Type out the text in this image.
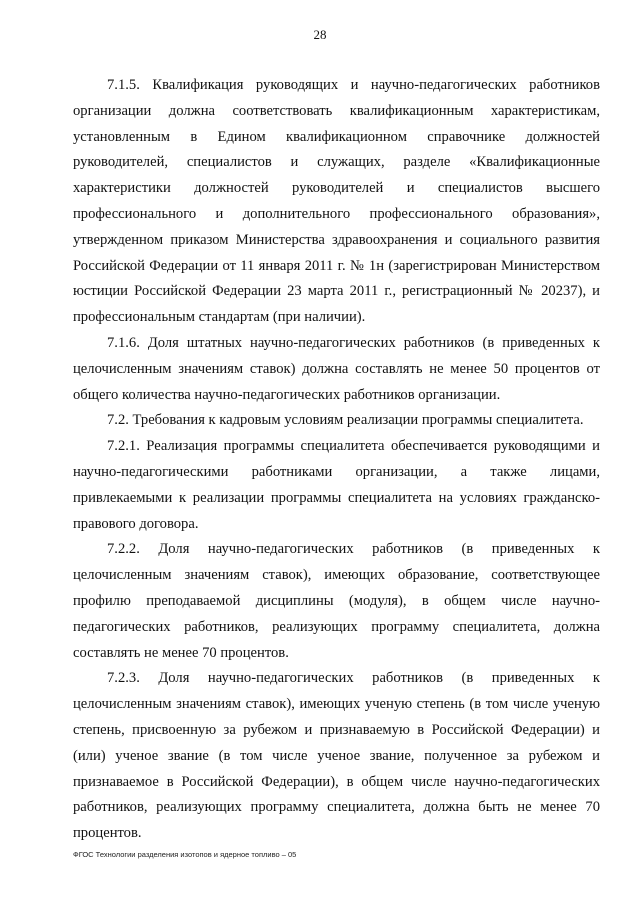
28

7.1.5. Квалификация руководящих и научно-педагогических работников организации должна соответствовать квалификационным характеристикам, установленным в Едином квалификационном справочнике должностей руководителей, специалистов и служащих, разделе «Квалификационные характеристики должностей руководителей и специалистов высшего профессионального и дополнительного профессионального образования», утвержденном приказом Министерства здравоохранения и социального развития Российской Федерации от 11 января 2011 г. № 1н (зарегистрирован Министерством юстиции Российской Федерации 23 марта 2011 г., регистрационный № 20237), и профессиональным стандартам (при наличии).

7.1.6. Доля штатных научно-педагогических работников (в приведенных к целочисленным значениям ставок) должна составлять не менее 50 процентов от общего количества научно-педагогических работников организации.

7.2. Требования к кадровым условиям реализации программы специалитета.

7.2.1. Реализация программы специалитета обеспечивается руководящими и научно-педагогическими работниками организации, а также лицами, привлекаемыми к реализации программы специалитета на условиях гражданско-правового договора.

7.2.2. Доля научно-педагогических работников (в приведенных к целочисленным значениям ставок), имеющих образование, соответствующее профилю преподаваемой дисциплины (модуля), в общем числе научно-педагогических работников, реализующих программу специалитета, должна составлять не менее 70 процентов.

7.2.3. Доля научно-педагогических работников (в приведенных к целочисленным значениям ставок), имеющих ученую степень (в том числе ученую степень, присвоенную за рубежом и признаваемую в Российской Федерации) и (или) ученое звание (в том числе ученое звание, полученное за рубежом и признаваемое в Российской Федерации), в общем числе научно-педагогических работников, реализующих программу специалитета, должна быть не менее 70 процентов.

ФГОС Технологии разделения изотопов и ядерное топливо – 05
